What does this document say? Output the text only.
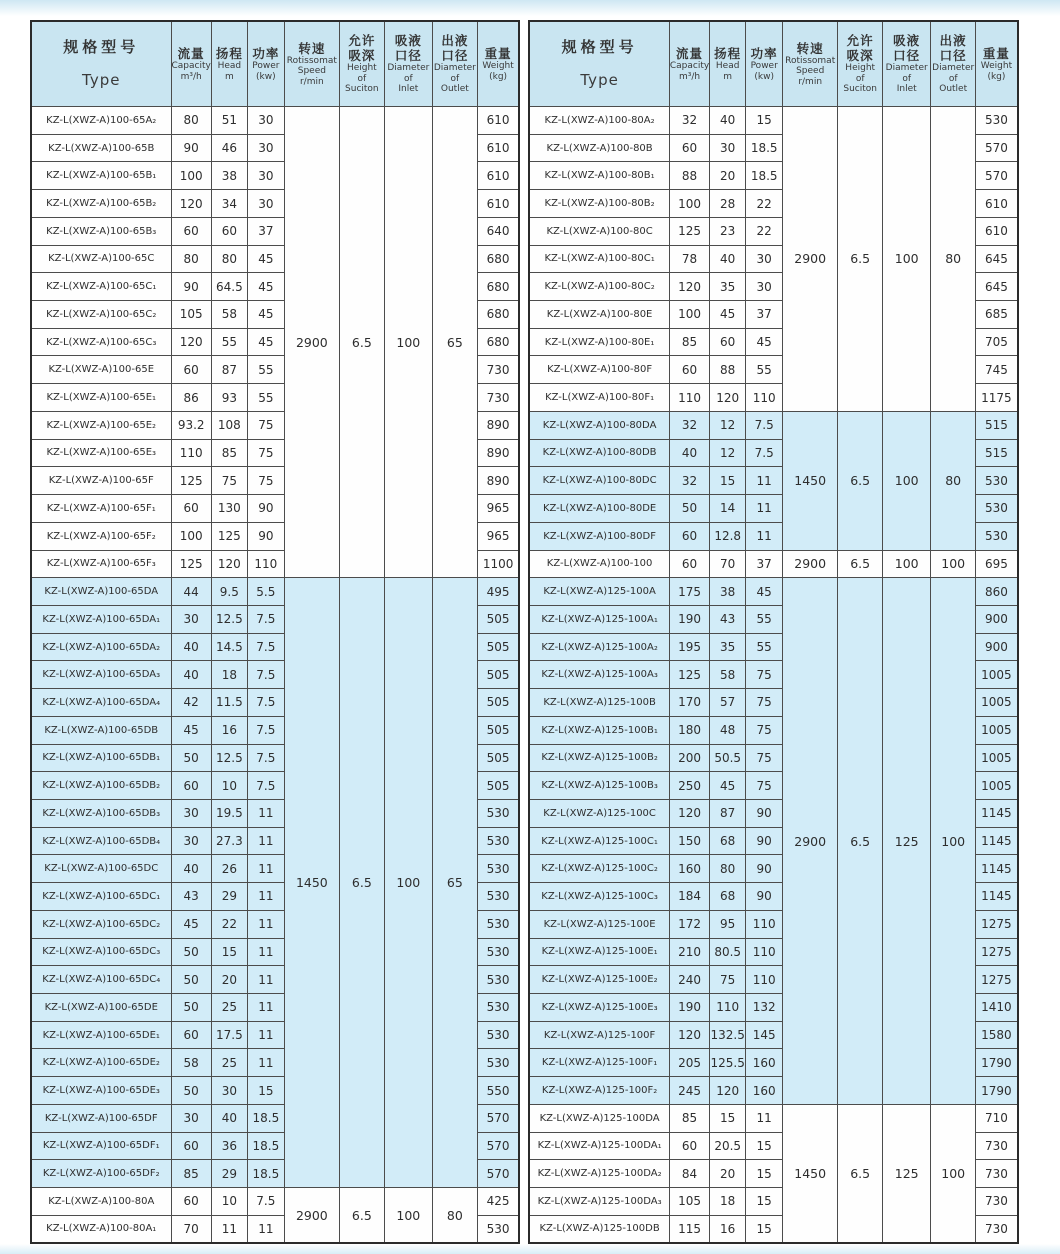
规格型号
Type

流量
Capacity
m³/h

扬程
Head
m

功率
Power
(kw)

转速
Rotissomat
Speed
r/min

允许
吸深
Height
of
Suciton

吸液
口径
Diameter
of
Inlet

出液
口径
Diameter
of
Outlet

重量
Weight
(kg)

KZ-L(XWZ-A)100-65A₂	80	51	30	2900	6.5	100	65	610
KZ-L(XWZ-A)100-65B	90	46	30					610
KZ-L(XWZ-A)100-65B₁	100	38	30					610
KZ-L(XWZ-A)100-65B₂	120	34	30					610
KZ-L(XWZ-A)100-65B₃	60	60	37					640
KZ-L(XWZ-A)100-65C	80	80	45					680
KZ-L(XWZ-A)100-65C₁	90	64.5	45					680
KZ-L(XWZ-A)100-65C₂	105	58	45					680
KZ-L(XWZ-A)100-65C₃	120	55	45					680
KZ-L(XWZ-A)100-65E	60	87	55					730
KZ-L(XWZ-A)100-65E₁	86	93	55					730
KZ-L(XWZ-A)100-65E₂	93.2	108	75					890
KZ-L(XWZ-A)100-65E₃	110	85	75					890
KZ-L(XWZ-A)100-65F	125	75	75					890
KZ-L(XWZ-A)100-65F₁	60	130	90					965
KZ-L(XWZ-A)100-65F₂	100	125	90					965
KZ-L(XWZ-A)100-65F₃	125	120	110					1100
KZ-L(XWZ-A)100-65DA	44	9.5	5.5	1450	6.5	100	65	495
KZ-L(XWZ-A)100-65DA₁	30	12.5	7.5					505
KZ-L(XWZ-A)100-65DA₂	40	14.5	7.5					505
KZ-L(XWZ-A)100-65DA₃	40	18	7.5					505
KZ-L(XWZ-A)100-65DA₄	42	11.5	7.5					505
KZ-L(XWZ-A)100-65DB	45	16	7.5					505
KZ-L(XWZ-A)100-65DB₁	50	12.5	7.5					505
KZ-L(XWZ-A)100-65DB₂	60	10	7.5					505
KZ-L(XWZ-A)100-65DB₃	30	19.5	11					530
KZ-L(XWZ-A)100-65DB₄	30	27.3	11					530
KZ-L(XWZ-A)100-65DC	40	26	11					530
KZ-L(XWZ-A)100-65DC₁	43	29	11					530
KZ-L(XWZ-A)100-65DC₂	45	22	11					530
KZ-L(XWZ-A)100-65DC₃	50	15	11					530
KZ-L(XWZ-A)100-65DC₄	50	20	11					530
KZ-L(XWZ-A)100-65DE	50	25	11					530
KZ-L(XWZ-A)100-65DE₁	60	17.5	11					530
KZ-L(XWZ-A)100-65DE₂	58	25	11					530
KZ-L(XWZ-A)100-65DE₃	50	30	15					550
KZ-L(XWZ-A)100-65DF	30	40	18.5					570
KZ-L(XWZ-A)100-65DF₁	60	36	18.5					570
KZ-L(XWZ-A)100-65DF₂	85	29	18.5					570
KZ-L(XWZ-A)100-80A	60	10	7.5	2900	6.5	100	80	425
KZ-L(XWZ-A)100-80A₁	70	11	11					530
规格型号
Type

流量
Capacity
m³/h

扬程
Head
m

功率
Power
(kw)

转速
Rotissomat
Speed
r/min

允许
吸深
Height
of
Suciton

吸液
口径
Diameter
of
Inlet

出液
口径
Diameter
of
Outlet

重量
Weight
(kg)

KZ-L(XWZ-A)100-80A₂	32	40	15	2900	6.5	100	80	530
KZ-L(XWZ-A)100-80B	60	30	18.5					570
KZ-L(XWZ-A)100-80B₁	88	20	18.5					570
KZ-L(XWZ-A)100-80B₂	100	28	22					610
KZ-L(XWZ-A)100-80C	125	23	22					610
KZ-L(XWZ-A)100-80C₁	78	40	30					645
KZ-L(XWZ-A)100-80C₂	120	35	30					645
KZ-L(XWZ-A)100-80E	100	45	37					685
KZ-L(XWZ-A)100-80E₁	85	60	45					705
KZ-L(XWZ-A)100-80F	60	88	55					745
KZ-L(XWZ-A)100-80F₁	110	120	110					1175
KZ-L(XWZ-A)100-80DA	32	12	7.5	1450	6.5	100	80	515
KZ-L(XWZ-A)100-80DB	40	12	7.5					515
KZ-L(XWZ-A)100-80DC	32	15	11					530
KZ-L(XWZ-A)100-80DE	50	14	11					530
KZ-L(XWZ-A)100-80DF	60	12.8	11					530
KZ-L(XWZ-A)100-100	60	70	37	2900	6.5	100	100	695
KZ-L(XWZ-A)125-100A	175	38	45	2900	6.5	125	100	860
KZ-L(XWZ-A)125-100A₁	190	43	55					900
KZ-L(XWZ-A)125-100A₂	195	35	55					900
KZ-L(XWZ-A)125-100A₃	125	58	75					1005
KZ-L(XWZ-A)125-100B	170	57	75					1005
KZ-L(XWZ-A)125-100B₁	180	48	75					1005
KZ-L(XWZ-A)125-100B₂	200	50.5	75					1005
KZ-L(XWZ-A)125-100B₃	250	45	75					1005
KZ-L(XWZ-A)125-100C	120	87	90					1145
KZ-L(XWZ-A)125-100C₁	150	68	90					1145
KZ-L(XWZ-A)125-100C₂	160	80	90					1145
KZ-L(XWZ-A)125-100C₃	184	68	90					1145
KZ-L(XWZ-A)125-100E	172	95	110					1275
KZ-L(XWZ-A)125-100E₁	210	80.5	110					1275
KZ-L(XWZ-A)125-100E₂	240	75	110					1275
KZ-L(XWZ-A)125-100E₃	190	110	132					1410
KZ-L(XWZ-A)125-100F	120	132.5	145					1580
KZ-L(XWZ-A)125-100F₁	205	125.5	160					1790
KZ-L(XWZ-A)125-100F₂	245	120	160					1790
KZ-L(XWZ-A)125-100DA	85	15	11	1450	6.5	125	100	710
KZ-L(XWZ-A)125-100DA₁	60	20.5	15					730
KZ-L(XWZ-A)125-100DA₂	84	20	15					730
KZ-L(XWZ-A)125-100DA₃	105	18	15					730
KZ-L(XWZ-A)125-100DB	115	16	15					730
